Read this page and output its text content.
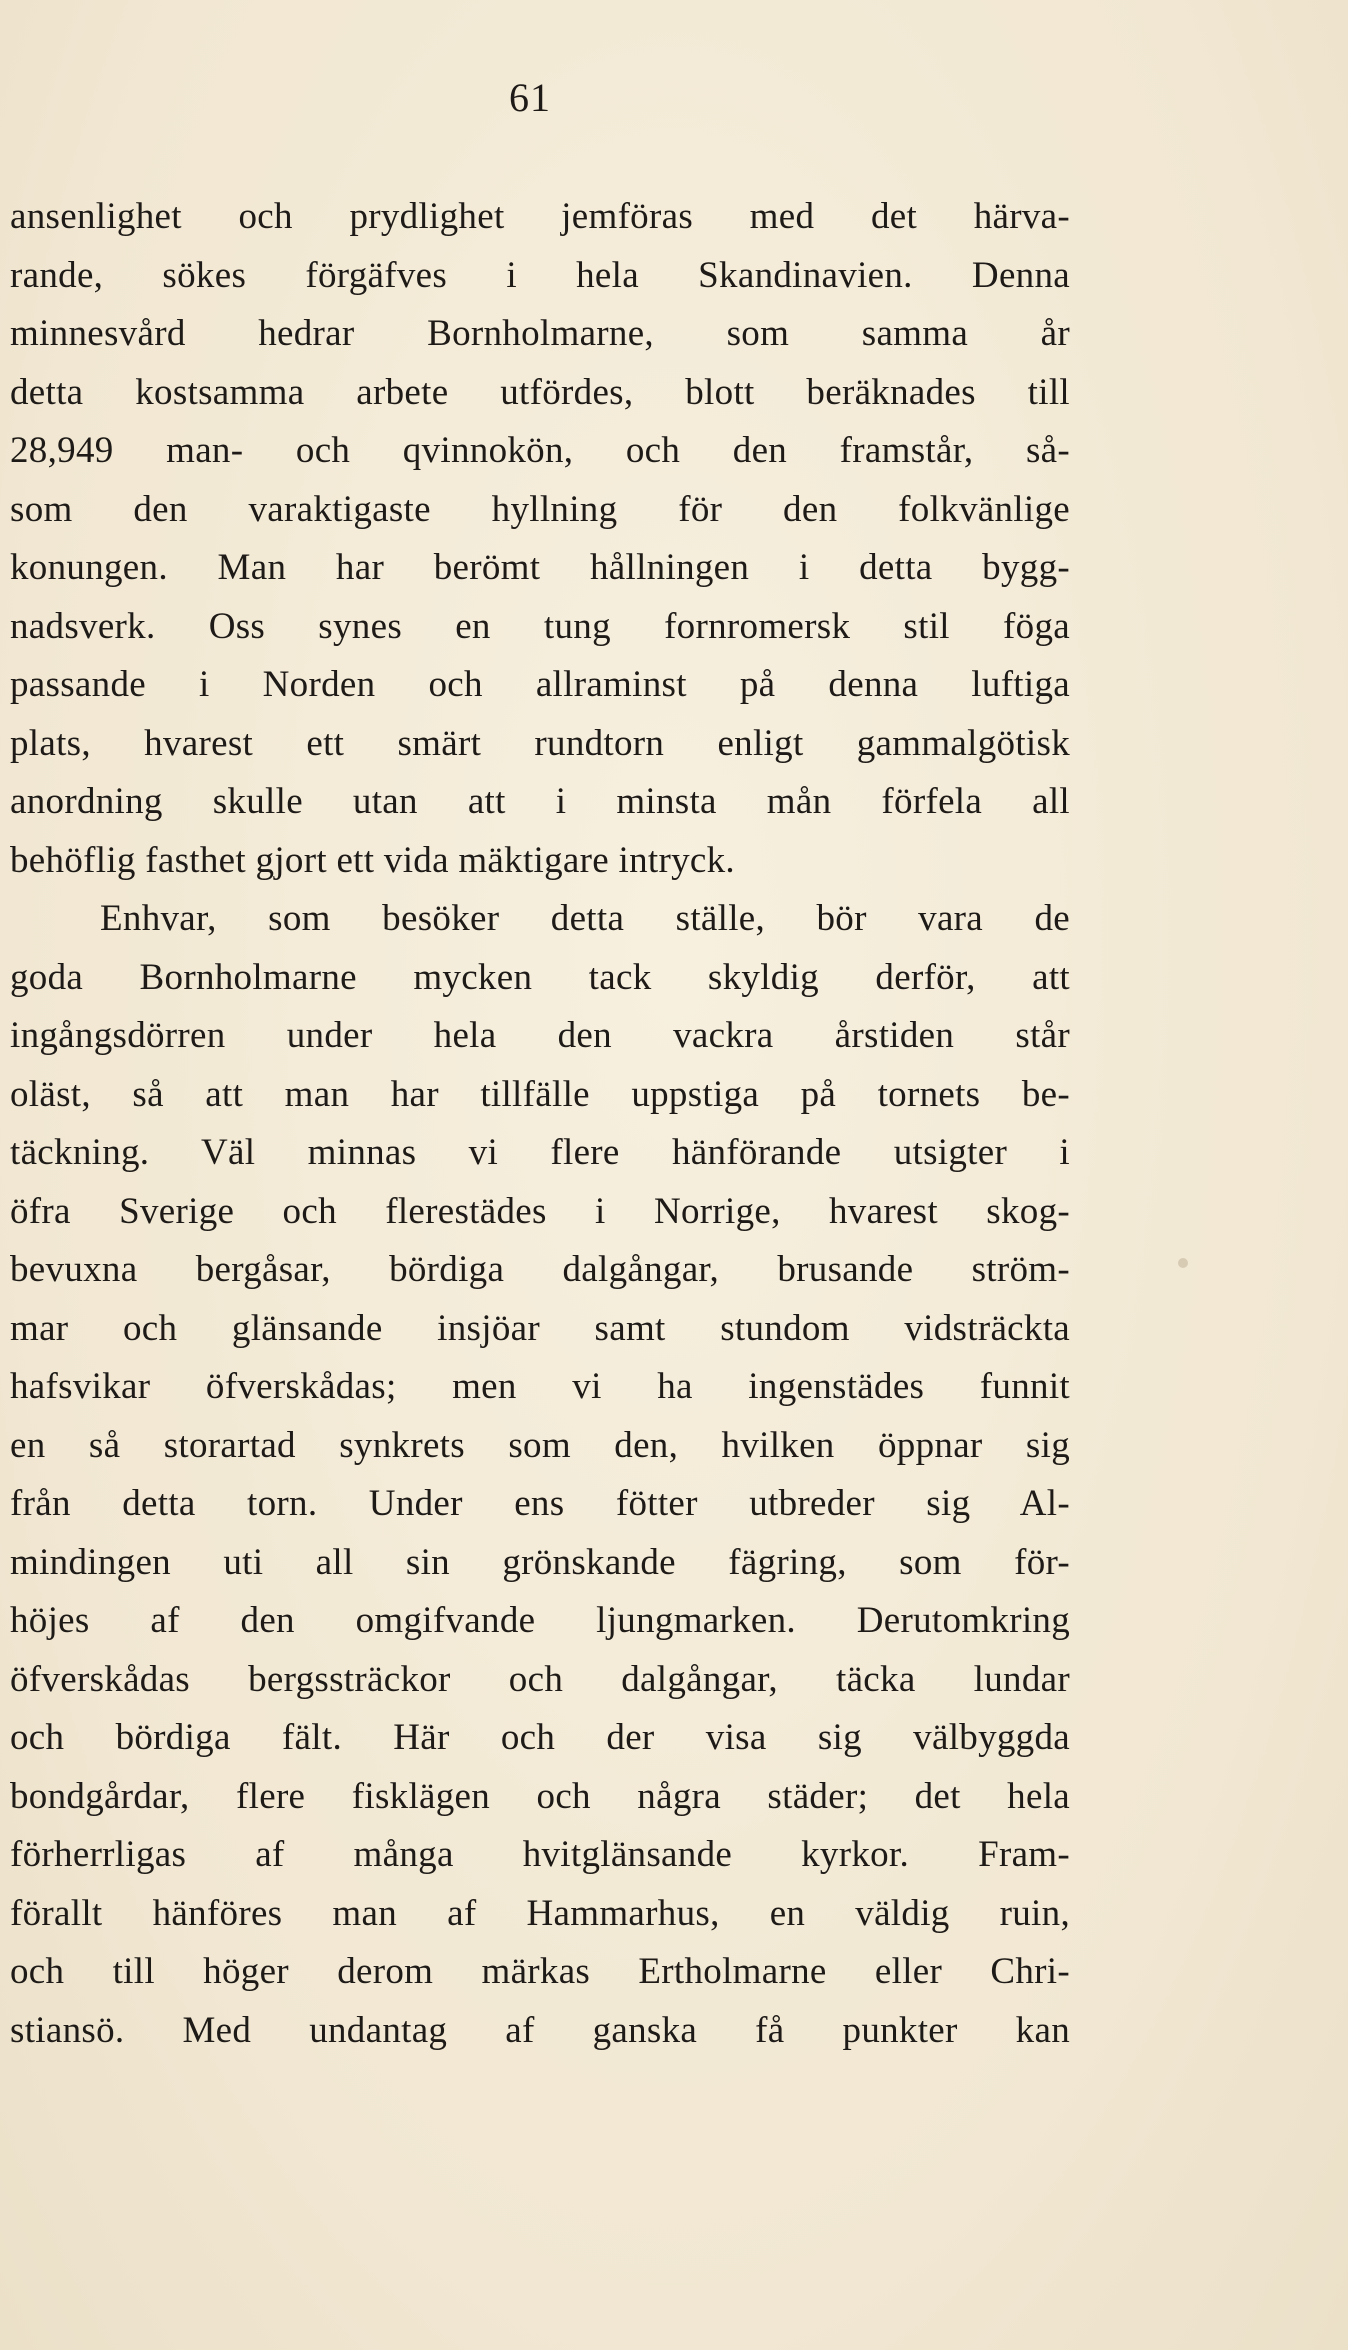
61
ansenlighet och prydlighet jemföras med det härva-
rande, sökes förgäfves i hela Skandinavien. Denna
minnesvård hedrar Bornholmarne, som samma år
detta kostsamma arbete utfördes, blott beräknades till
28,949 man- och qvinnokön, och den framstår, så-
som den varaktigaste hyllning för den folkvänlige
konungen. Man har berömt hållningen i detta bygg-
nadsverk. Oss synes en tung fornromersk stil föga
passande i Norden och allraminst på denna luftiga
plats, hvarest ett smärt rundtorn enligt gammalgötisk
anordning skulle utan att i minsta mån förfela all
behöflig fasthet gjort ett vida mäktigare intryck.
Enhvar, som besöker detta ställe, bör vara de
goda Bornholmarne mycken tack skyldig derför, att
ingångsdörren under hela den vackra årstiden står
oläst, så att man har tillfälle uppstiga på tornets be-
täckning. Väl minnas vi flere hänförande utsigter i
öfra Sverige och flerestädes i Norrige, hvarest skog-
bevuxna bergåsar, bördiga dalgångar, brusande ström-
mar och glänsande insjöar samt stundom vidsträckta
hafsvikar öfverskådas; men vi ha ingenstädes funnit
en så storartad synkrets som den, hvilken öppnar sig
från detta torn. Under ens fötter utbreder sig Al-
mindingen uti all sin grönskande fägring, som för-
höjes af den omgifvande ljungmarken. Derutomkring
öfverskådas bergssträckor och dalgångar, täcka lundar
och bördiga fält. Här och der visa sig välbyggda
bondgårdar, flere fisklägen och några städer; det hela
förherrligas af många hvitglänsande kyrkor. Fram-
förallt hänföres man af Hammarhus, en väldig ruin,
och till höger derom märkas Ertholmarne eller Chri-
stiansö. Med undantag af ganska få punkter kan
